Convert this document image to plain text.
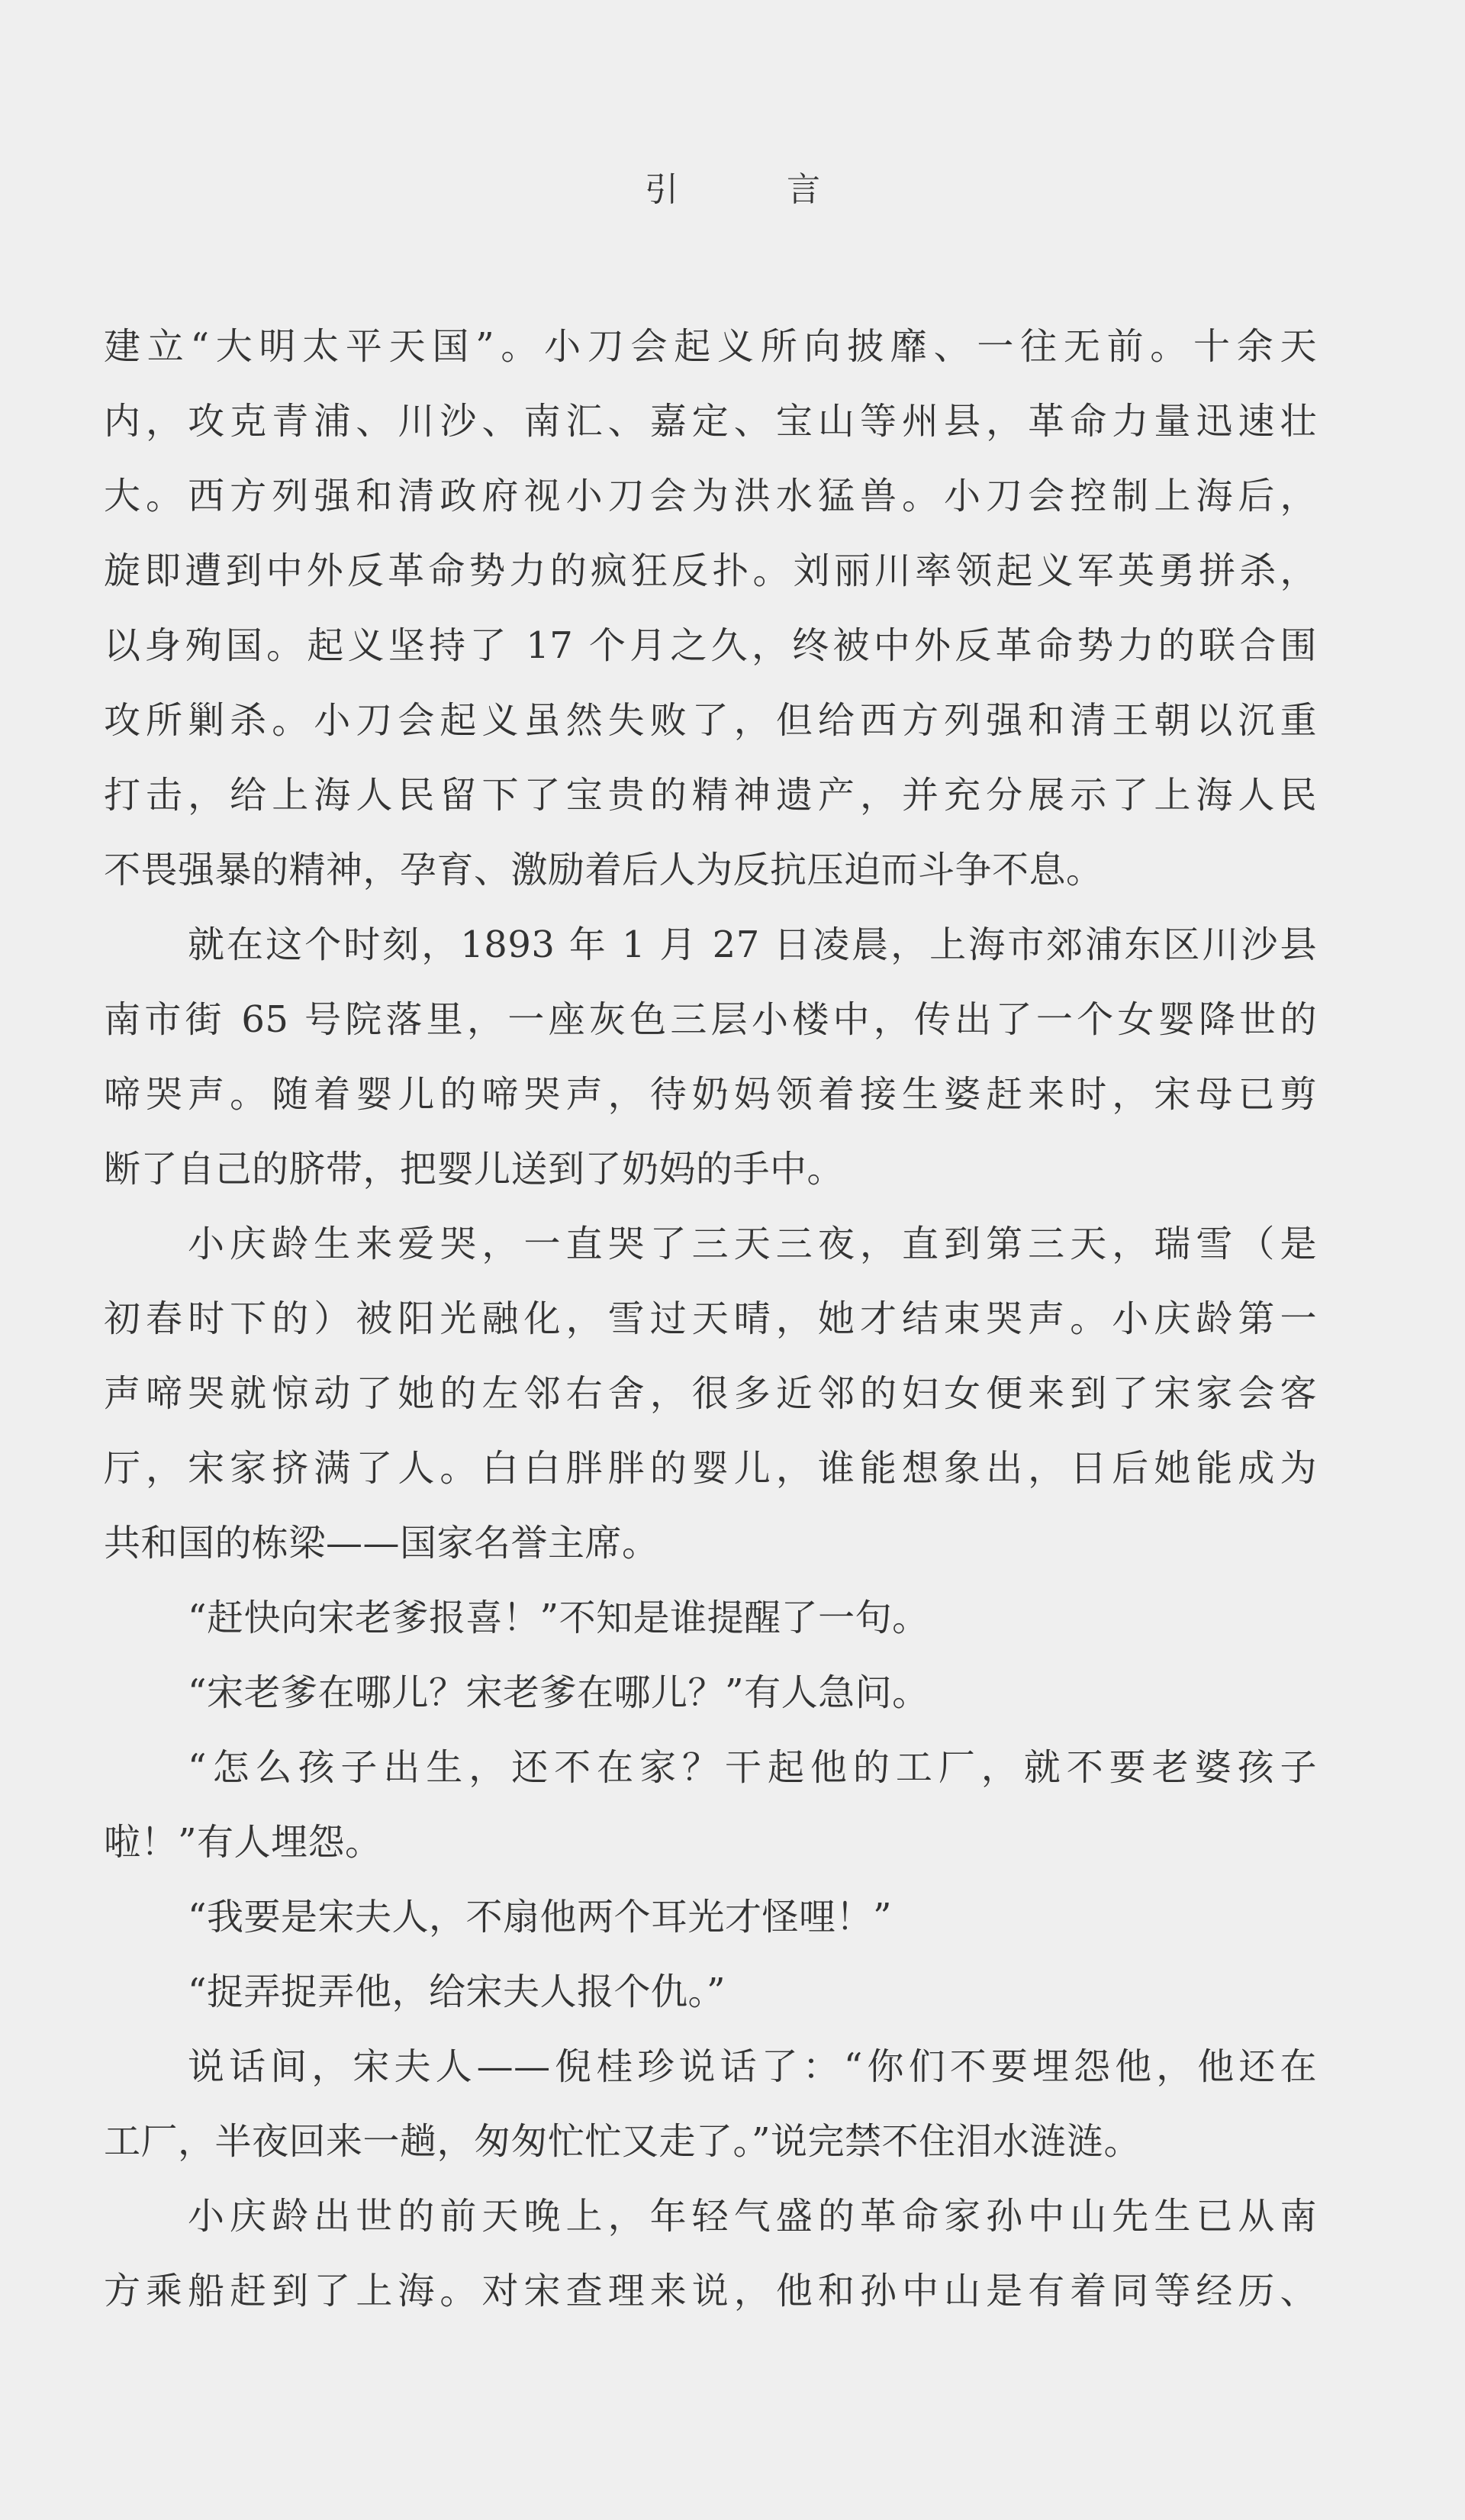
引 言
建立“大明太平天国”。小刀会起义所向披靡、一往无前。十余天
内，攻克青浦、川沙、南汇、嘉定、宝山等州县，革命力量迅速壮
大。西方列强和清政府视小刀会为洪水猛兽。小刀会控制上海后，
旋即遭到中外反革命势力的疯狂反扑。刘丽川率领起义军英勇拼杀，
以身殉国。起义坚持了 17 个月之久，终被中外反革命势力的联合围
攻所剿杀。小刀会起义虽然失败了，但给西方列强和清王朝以沉重
打击，给上海人民留下了宝贵的精神遗产，并充分展示了上海人民
不畏强暴的精神，孕育、激励着后人为反抗压迫而斗争不息。
就在这个时刻，1893 年 1 月 27 日凌晨，上海市郊浦东区川沙县
南市街 65 号院落里，一座灰色三层小楼中，传出了一个女婴降世的
啼哭声。随着婴儿的啼哭声，待奶妈领着接生婆赶来时，宋母已剪
断了自己的脐带，把婴儿送到了奶妈的手中。
小庆龄生来爱哭，一直哭了三天三夜，直到第三天，瑞雪（是
初春时下的）被阳光融化，雪过天晴，她才结束哭声。小庆龄第一
声啼哭就惊动了她的左邻右舍，很多近邻的妇女便来到了宋家会客
厅，宋家挤满了人。白白胖胖的婴儿，谁能想象出，日后她能成为
共和国的栋梁——国家名誉主席。
“赶快向宋老爹报喜！”不知是谁提醒了一句。
“宋老爹在哪儿？宋老爹在哪儿？”有人急问。
“怎么孩子出生，还不在家？干起他的工厂，就不要老婆孩子
啦！”有人埋怨。
“我要是宋夫人，不扇他两个耳光才怪哩！”
“捉弄捉弄他，给宋夫人报个仇。”
说话间，宋夫人——倪桂珍说话了：“你们不要埋怨他，他还在
工厂，半夜回来一趟，匆匆忙忙又走了。”说完禁不住泪水涟涟。
小庆龄出世的前天晚上，年轻气盛的革命家孙中山先生已从南
方乘船赶到了上海。对宋查理来说，他和孙中山是有着同等经历、
